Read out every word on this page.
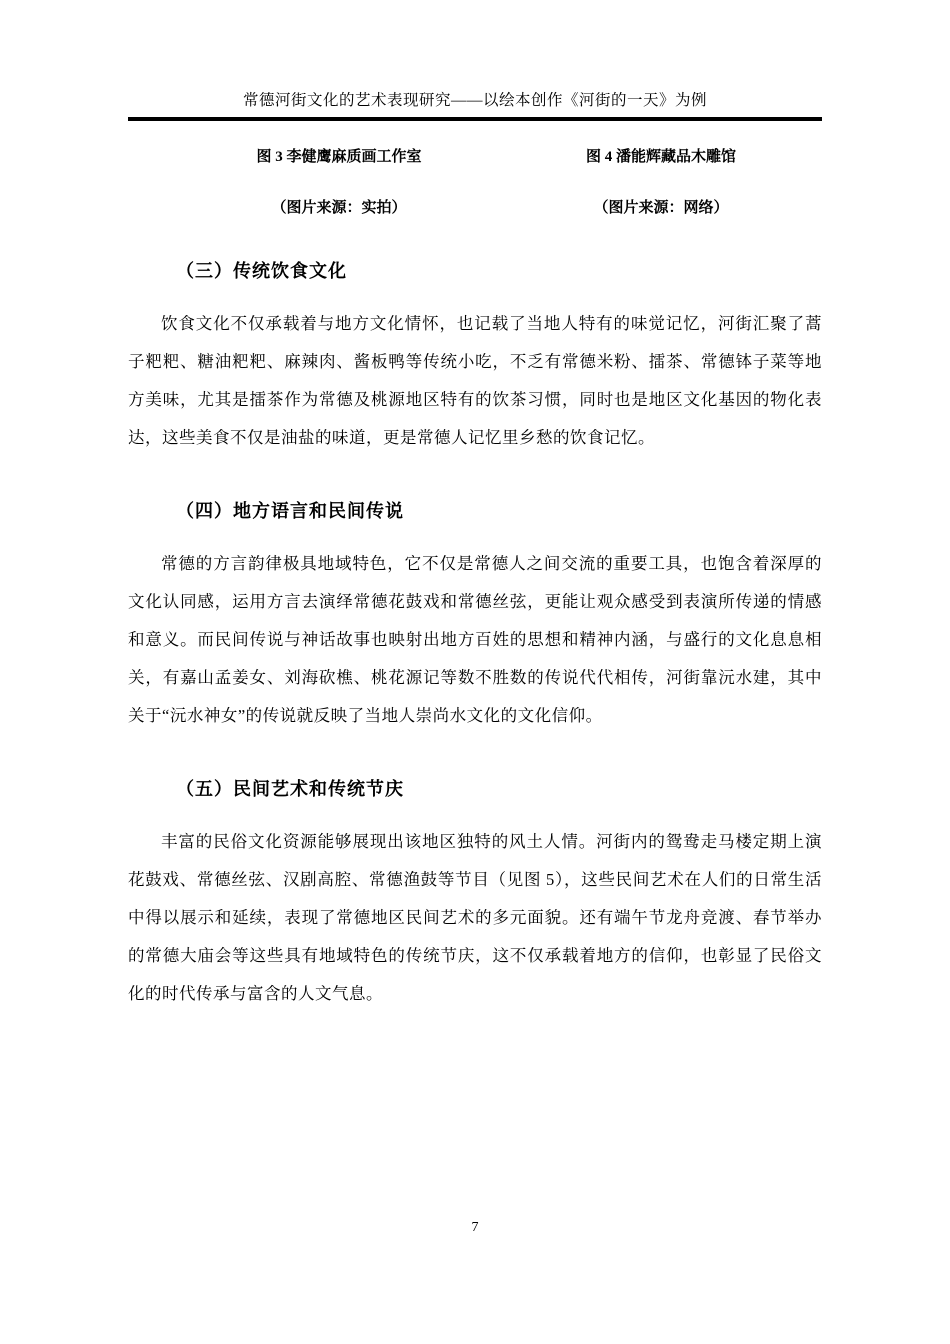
常德河街文化的艺术表现研究——以绘本创作《河街的一天》为例
图 3 李健鹰麻质画工作室	图 4 潘能辉藏品木雕馆
（图片来源：实拍）	（图片来源：网络）
（三）传统饮食文化

饮食文化不仅承载着与地方文化情怀，也记载了当地人特有的味觉记忆，河街汇聚了蒿子粑粑、糖油粑粑、麻辣肉、酱板鸭等传统小吃，不乏有常德米粉、擂茶、常德钵子菜等地方美味，尤其是擂茶作为常德及桃源地区特有的饮茶习惯，同时也是地区文化基因的物化表达，这些美食不仅是油盐的味道，更是常德人记忆里乡愁的饮食记忆。

（四）地方语言和民间传说

常德的方言韵律极具地域特色，它不仅是常德人之间交流的重要工具，也饱含着深厚的文化认同感，运用方言去演绎常德花鼓戏和常德丝弦，更能让观众感受到表演所传递的情感和意义。而民间传说与神话故事也映射出地方百姓的思想和精神内涵，与盛行的文化息息相关，有嘉山孟姜女、刘海砍樵、桃花源记等数不胜数的传说代代相传，河街靠沅水建，其中关于“沅水神女”的传说就反映了当地人崇尚水文化的文化信仰。

（五）民间艺术和传统节庆

丰富的民俗文化资源能够展现出该地区独特的风土人情。河街内的鸳鸯走马楼定期上演花鼓戏、常德丝弦、汉剧高腔、常德渔鼓等节目（见图 5），这些民间艺术在人们的日常生活中得以展示和延续，表现了常德地区民间艺术的多元面貌。还有端午节龙舟竞渡、春节举办的常德大庙会等这些具有地域特色的传统节庆，这不仅承载着地方的信仰，也彰显了民俗文化的时代传承与富含的人文气息。

7
